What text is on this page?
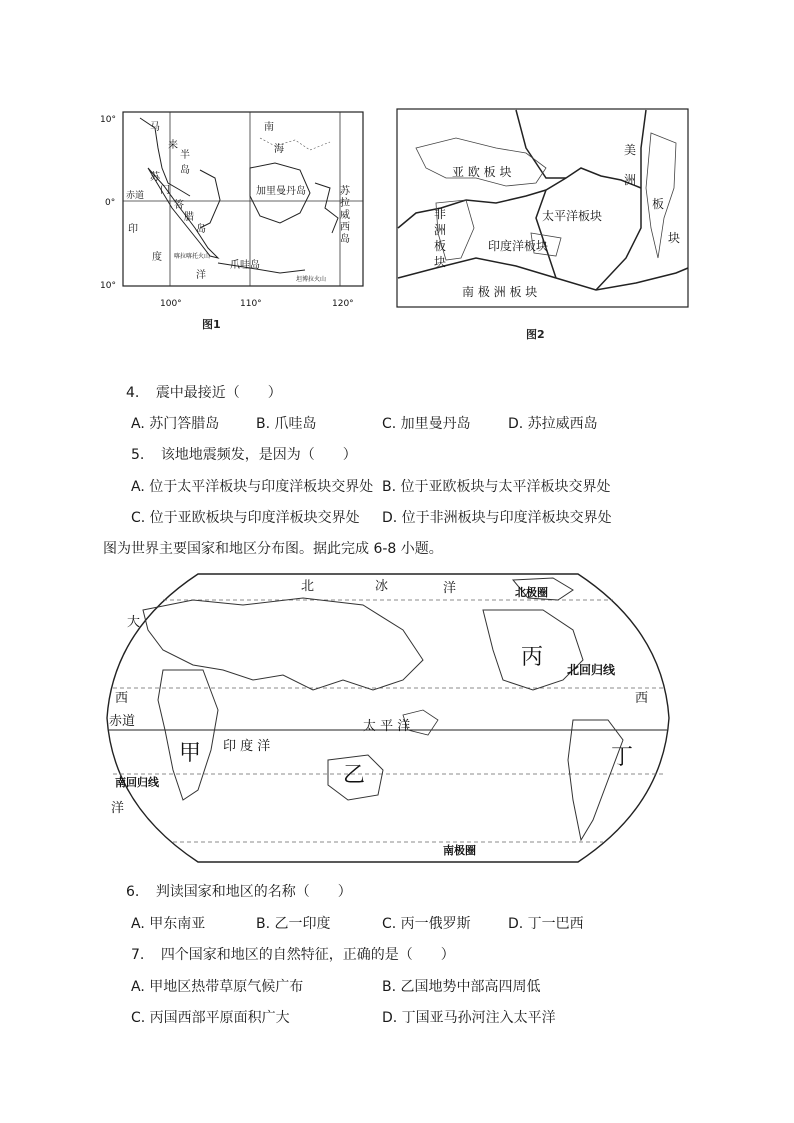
10°
0°
10°
100°	110°	120°
马
来
半
岛
苏
门
答
腊
岛
赤道
印
度
洋
南
海
加里曼丹岛
爪哇岛
苏
拉
威
西
岛
喀拉喀托火山
坦博拉火山
图1
亚 欧 板 块
非
洲
板
块
太平洋板块
印度洋板块
美
洲
板
块
南 极 洲 板 块
图2
4. 震中最接近（　　）
A. 苏门答腊岛	B. 爪哇岛	C. 加里曼丹岛	D. 苏拉威西岛
5. 该地地震频发，是因为（　　）
A. 位于太平洋板块与印度洋板块交界处 B. 位于亚欧板块与太平洋板块交界处
C. 位于亚欧板块与印度洋板块交界处 D. 位于非洲板块与印度洋板块交界处
图为世界主要国家和地区分布图。据此完成 6-8 小题。
北	冰	洋	北极圈
大
西
赤道
南回归线
洋
北回归线
西
印 度 洋
太 平 洋
南极圈
甲
乙
丙
丁
6. 判读国家和地区的名称（　　）
A. 甲东南亚	B. 乙一印度	C. 丙一俄罗斯	D. 丁一巴西
7. 四个国家和地区的自然特征，正确的是（　　）
A. 甲地区热带草原气候广布	B. 乙国地势中部高四周低
C. 丙国西部平原面积广大	D. 丁国亚马孙河注入太平洋
